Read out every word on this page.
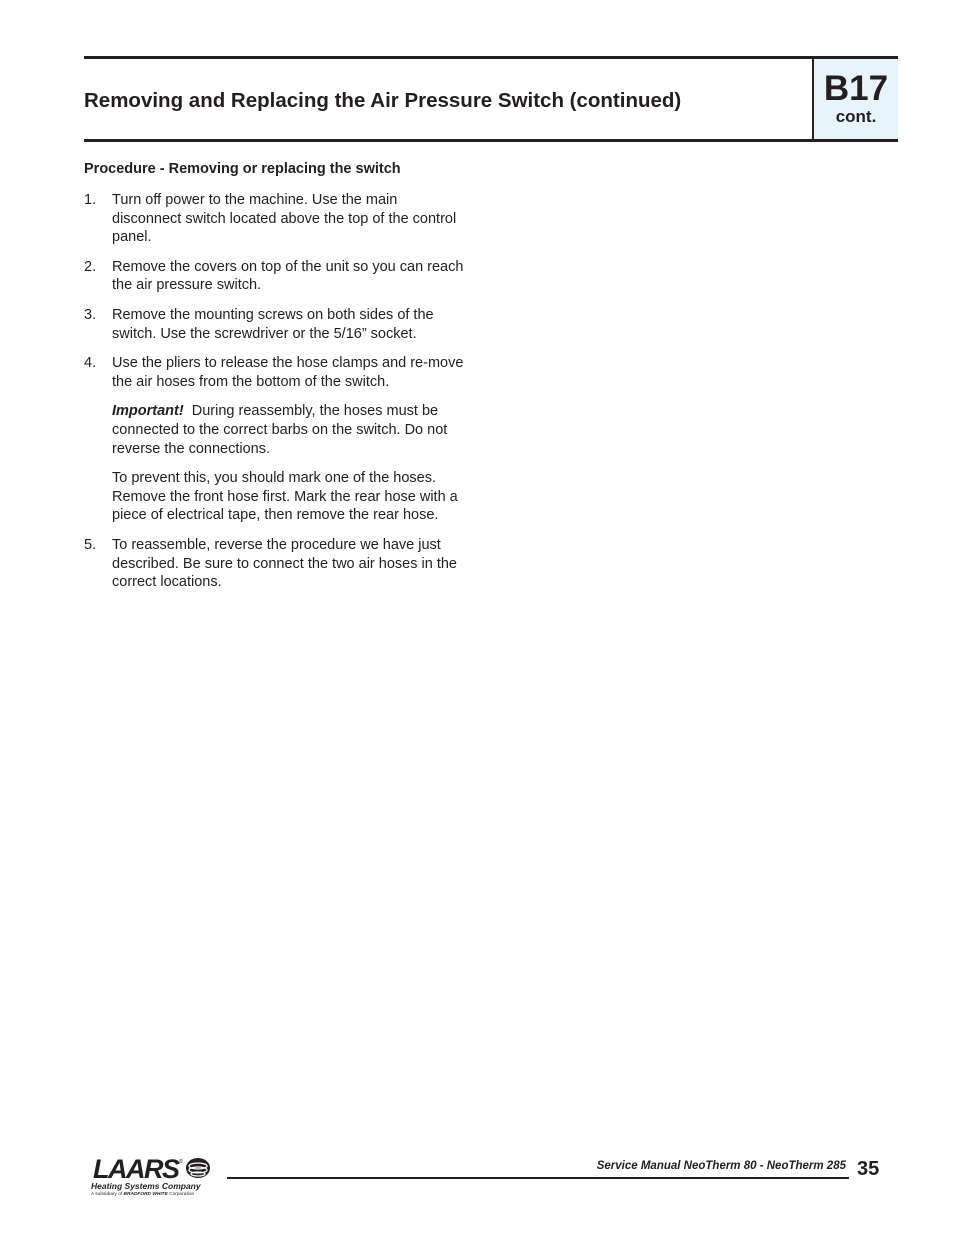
Removing and Replacing the Air Pressure Switch (continued)	B17
cont.

Procedure - Removing or replacing the switch

1. Turn off power to the machine. Use the main disconnect switch located above the top of the control panel.

2. Remove the covers on top of the unit so you can reach the air pressure switch.

3. Remove the mounting screws on both sides of the switch. Use the screwdriver or the 5/16” socket.

4. Use the pliers to release the hose clamps and re-move the air hoses from the bottom of the switch.

Important! During reassembly, the hoses must be connected to the correct barbs on the switch. Do not reverse the connections.

To prevent this, you should mark one of the hoses. Remove the front hose first. Mark the rear hose with a piece of electrical tape, then remove the rear hose.

5. To reassemble, reverse the procedure we have just described. Be sure to connect the two air hoses in the correct locations.

LAARS ®
Heating Systems Company
A subsidiary of BRADFORD WHITE Corporation
Service Manual NeoTherm 80 - NeoTherm 285 35
